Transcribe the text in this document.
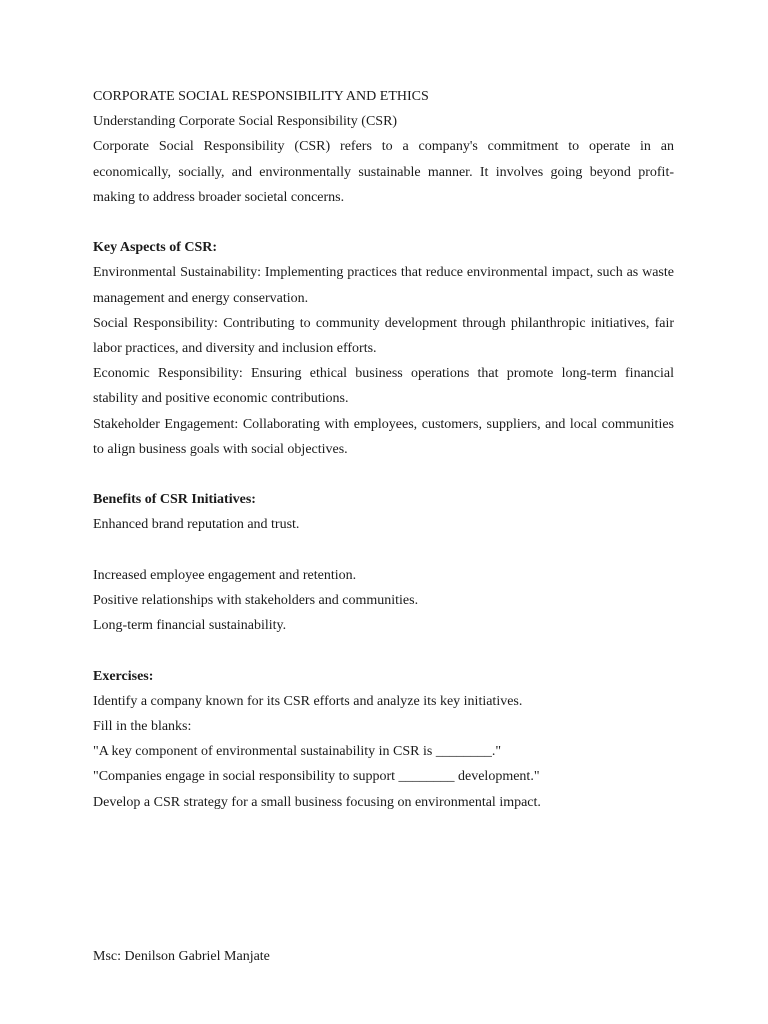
CORPORATE SOCIAL RESPONSIBILITY AND ETHICS

Understanding Corporate Social Responsibility (CSR)

Corporate Social Responsibility (CSR) refers to a company's commitment to operate in an economically, socially, and environmentally sustainable manner. It involves going beyond profit-making to address broader societal concerns.

Key Aspects of CSR:

Environmental Sustainability: Implementing practices that reduce environmental impact, such as waste management and energy conservation.

Social Responsibility: Contributing to community development through philanthropic initiatives, fair labor practices, and diversity and inclusion efforts.

Economic Responsibility: Ensuring ethical business operations that promote long-term financial stability and positive economic contributions.

Stakeholder Engagement: Collaborating with employees, customers, suppliers, and local communities to align business goals with social objectives.

Benefits of CSR Initiatives:

Enhanced brand reputation and trust.

Increased employee engagement and retention.

Positive relationships with stakeholders and communities.

Long-term financial sustainability.

Exercises:

Identify a company known for its CSR efforts and analyze its key initiatives.

Fill in the blanks:

"A key component of environmental sustainability in CSR is ________."

"Companies engage in social responsibility to support ________ development."

Develop a CSR strategy for a small business focusing on environmental impact.

Msc: Denilson Gabriel Manjate
